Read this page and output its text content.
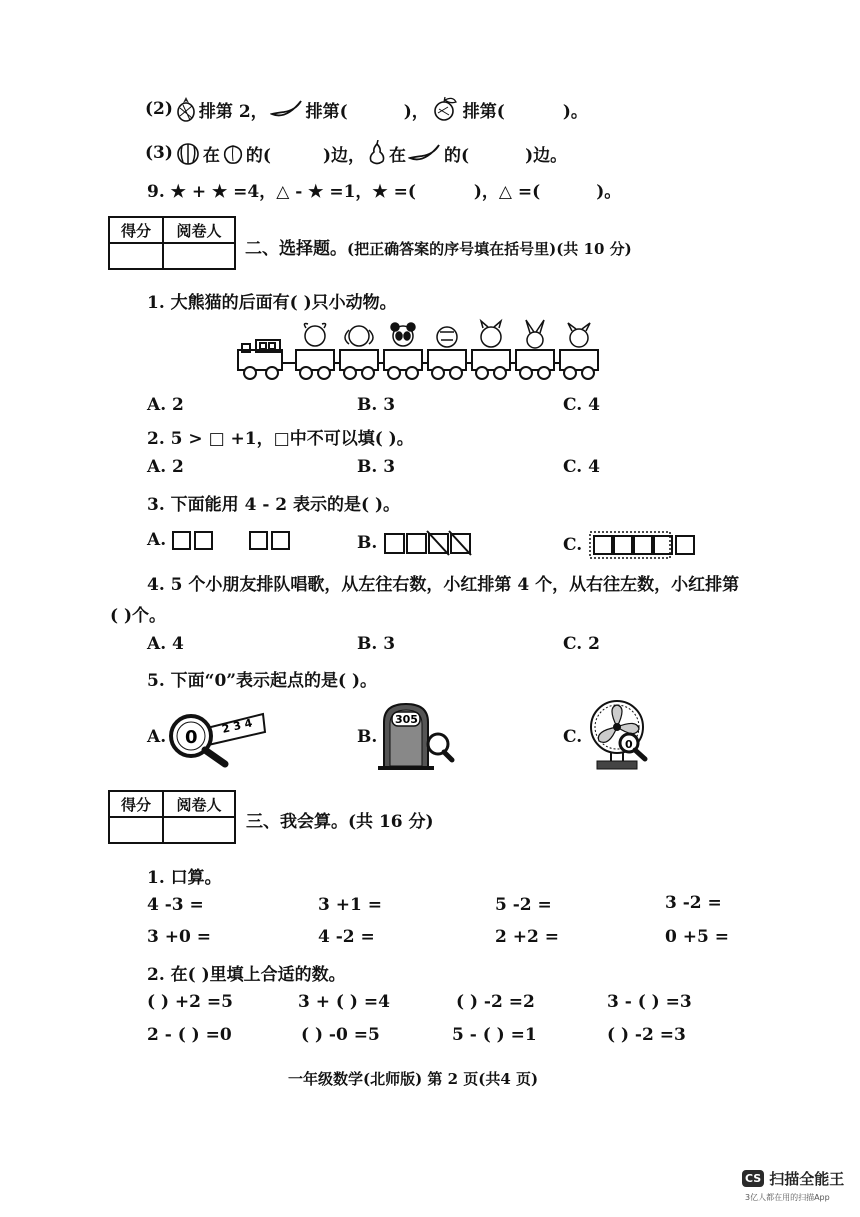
(2) 排第 2， 排第(	)， 排第(	)。
(3) 在 的(	)边， 在 的(	)边。
9. ★ + ★ =4，△ - ★ =1，★ =(	)，△ =(	)。
得分	阅卷人

二、选择题。(把正确答案的序号填在括号里)(共 10 分)
1. 大熊猫的后面有( )只小动物。
A. 2	B. 3	C. 4
2. 5 > □ +1，□中不可以填( )。
A. 2	B. 3	C. 4
3. 下面能用 4 - 2 表示的是( )。
A.	B.	C.
4. 5 个小朋友排队唱歌，从左往右数，小红排第 4 个，从右往左数，小红排第
( )个。
A. 4	B. 3	C. 2
5. 下面“0”表示起点的是( )。
A.
2 3 4
0	B.
305
C.	0
得分	阅卷人

三、我会算。(共 16 分)
1. 口算。
4 -3 =	3 +1 =	5 -2 =	3 -2 =
3 +0 =	4 -2 =	2 +2 =	0 +5 =
2. 在( )里填上合适的数。
( ) +2 =5	3 + ( ) =4	( ) -2 =2	3 - ( ) =3
2 - ( ) =0	( ) -0 =5	5 - ( ) =1	( ) -2 =3
一年级数学(北师版) 第 2 页(共4 页)
CS 扫描全能王
3亿人都在用的扫描App
